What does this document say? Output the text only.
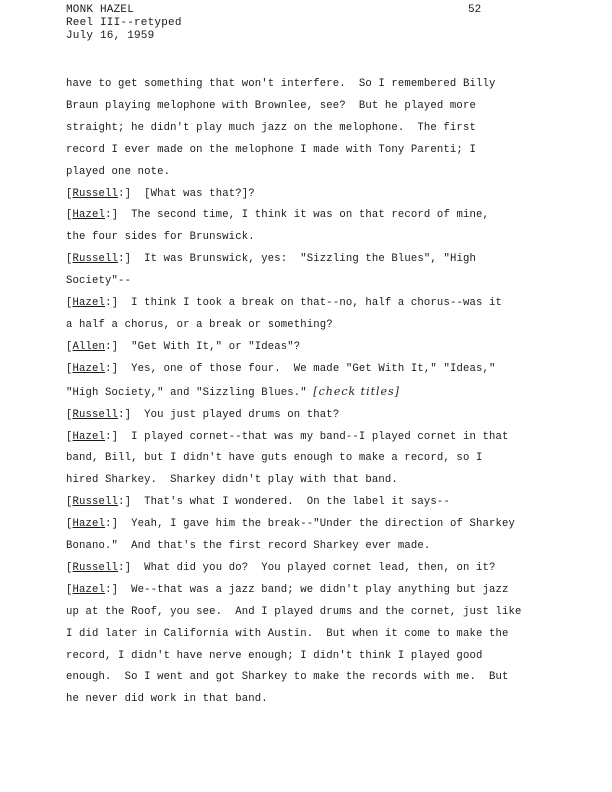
MONK HAZEL
Reel III--retyped
July 16, 1959
52
have to get something that won't interfere.  So I remembered Billy
Braun playing melophone with Brownlee, see?  But he played more
straight; he didn't play much jazz on the melophone.  The first
record I ever made on the melophone I made with Tony Parenti; I
played one note.
[Russell:]  [What was that?]?
[Hazel:]  The second time, I think it was on that record of mine,
the four sides for Brunswick.
[Russell:]  It was Brunswick, yes:  "Sizzling the Blues", "High
Society"--
[Hazel:]  I think I took a break on that--no, half a chorus--was it
a half a chorus, or a break or something?
[Allen:]  "Get With It," or "Ideas"?
[Hazel:]  Yes, one of those four.  We made "Get With It," "Ideas,"
"High Society," and "Sizzling Blues." [check titles]
[Russell:]  You just played drums on that?
[Hazel:]  I played cornet--that was my band--I played cornet in that
band, Bill, but I didn't have guts enough to make a record, so I
hired Sharkey.  Sharkey didn't play with that band.
[Russell:]  That's what I wondered.  On the label it says--
[Hazel:]  Yeah, I gave him the break--"Under the direction of Sharkey
Bonano."  And that's the first record Sharkey ever made.
[Russell:]  What did you do?  You played cornet lead, then, on it?
[Hazel:]  We--that was a jazz band; we didn't play anything but jazz
up at the Roof, you see.  And I played drums and the cornet, just like
I did later in California with Austin.  But when it come to make the
record, I didn't have nerve enough; I didn't think I played good
enough.  So I went and got Sharkey to make the records with me.  But
he never did work in that band.
